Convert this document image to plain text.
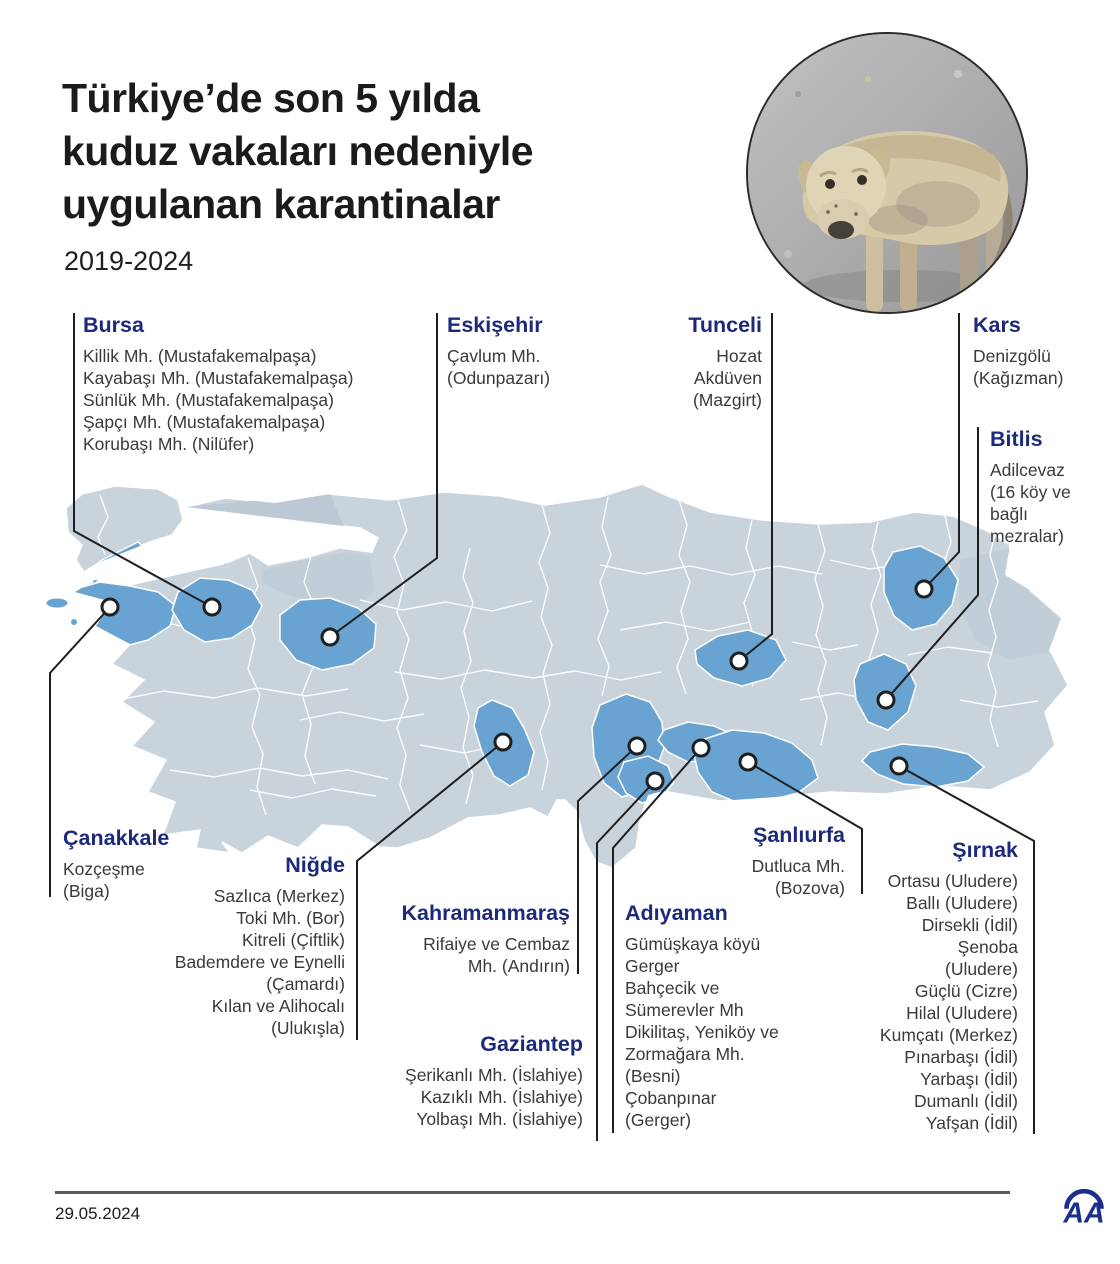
Türkiye’de son 5 yılda
kuduz vakaları nedeniyle
uygulanan karantinalar
2019-2024
Bursa
Killik Mh. (Mustafakemalpaşa)
Kayabaşı Mh. (Mustafakemalpaşa)
Sünlük Mh. (Mustafakemalpaşa)
Şapçı Mh. (Mustafakemalpaşa)
Korubaşı Mh. (Nilüfer)
Eskişehir
Çavlum Mh.
(Odunpazarı)
Tunceli
Hozat
Akdüven
(Mazgirt)
Kars
Denizgölü
(Kağızman)
Bitlis
Adilcevaz
(16 köy ve
bağlı
mezralar)
Çanakkale
Kozçeşme
(Biga)
Niğde
Sazlıca (Merkez)
Toki Mh. (Bor)
Kitreli (Çiftlik)
Bademdere ve Eynelli
(Çamardı)
Kılan ve Alihocalı
(Ulukışla)
Kahramanmaraş
Rifaiye ve Cembaz
Mh. (Andırın)
Gaziantep
Şerikanlı Mh. (İslahiye)
Kazıklı Mh. (İslahiye)
Yolbaşı Mh. (İslahiye)
Adıyaman
Gümüşkaya köyü
Gerger
Bahçecik ve
Sümerevler Mh
Dikilitaş, Yeniköy ve
Zormağara Mh.
(Besni)
Çobanpınar
(Gerger)
Şanlıurfa
Dutluca Mh.
(Bozova)
Şırnak
Ortasu (Uludere)
Ballı (Uludere)
Dirsekli (İdil)
Şenoba
(Uludere)
Güçlü (Cizre)
Hilal (Uludere)
Kumçatı (Merkez)
Pınarbaşı (İdil)
Yarbaşı (İdil)
Dumanlı (İdil)
Yafşan (İdil)
29.05.2024	AA
